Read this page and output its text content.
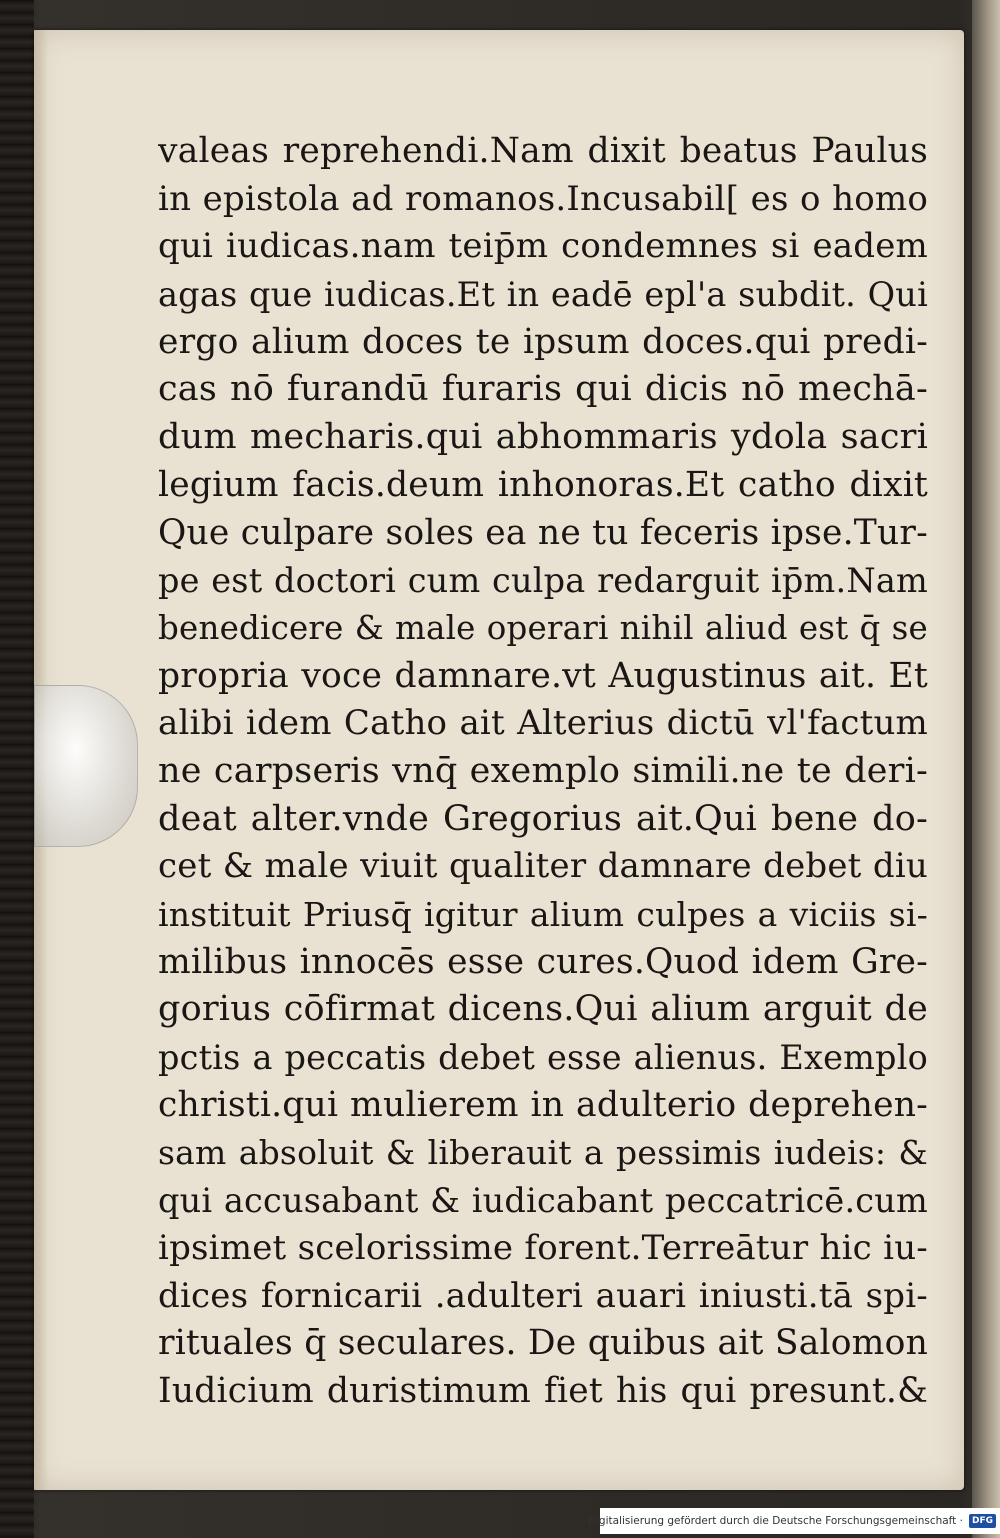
valeas reprehendi.Nam dixit beatus Paulus
in epistola ad romanos.Incusabil[ es o homo
qui iudicas.nam teip̄m condemnes si eadem
agas que iudicas.Et in eadē epl'a subdit. Qui
ergo alium doces te ipsum doces.qui predi-
cas nō furandū furaris qui dicis nō mechā-
dum mecharis.qui abhommaris ydola sacri
legium facis.deum inhonoras.Et catho dixit
Que culpare soles ea ne tu feceris ipse.Tur-
pe est doctori cum culpa redarguit ip̄m.Nam
benedicere & male operari nihil aliud est q̄ se
propria voce damnare.vt Augustinus ait. Et
alibi idem Catho ait Alterius dictū vl'factum
ne carpseris vnq̄ exemplo simili.ne te deri-
deat alter.vnde Gregorius ait.Qui bene do-
cet & male viuit qualiter damnare debet diu
instituit Priusq̄ igitur alium culpes a viciis si-
milibus innocēs esse cures.Quod idem Gre-
gorius cōfirmat dicens.Qui alium arguit de
pctis a peccatis debet esse alienus. Exemplo
christi.qui mulierem in adulterio deprehen-
sam absoluit & liberauit a pessimis iudeis: &
qui accusabant & iudicabant peccatricē.cum
ipsimet scelorissime forent.Terreātur hic iu-
dices fornicarii .adulteri auari iniusti.tā spi-
rituales q̄ seculares. De quibus ait Salomon
Iudicium duristimum fiet his qui presunt.&
Digitalisierung gefördert durch die Deutsche Forschungsgemeinschaft ·	DFG
